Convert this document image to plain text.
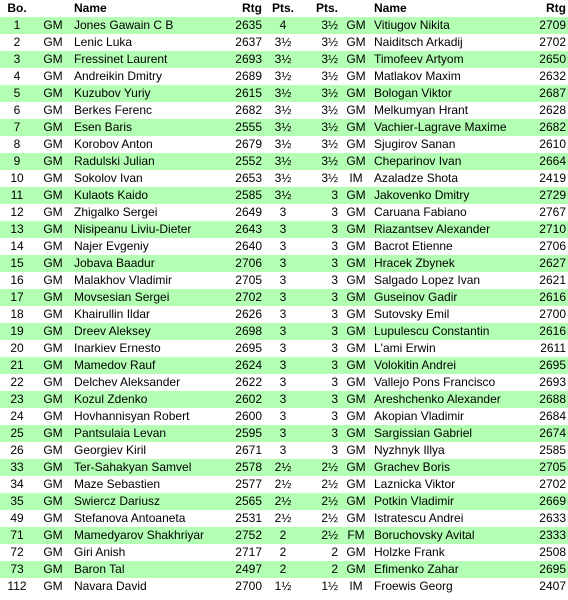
Bo.		Name	Rtg	Pts.	Pts.		Name	Rtg
1	GM	Jones Gawain C B	2635	4	3½	GM	Vitiugov Nikita	2709
2	GM	Lenic Luka	2637	3½	3½	GM	Naiditsch Arkadij	2702
3	GM	Fressinet Laurent	2693	3½	3½	GM	Timofeev Artyom	2650
4	GM	Andreikin Dmitry	2689	3½	3½	GM	Matlakov Maxim	2632
5	GM	Kuzubov Yuriy	2615	3½	3½	GM	Bologan Viktor	2687
6	GM	Berkes Ferenc	2682	3½	3½	GM	Melkumyan Hrant	2628
7	GM	Esen Baris	2555	3½	3½	GM	Vachier-Lagrave Maxime	2682
8	GM	Korobov Anton	2679	3½	3½	GM	Sjugirov Sanan	2610
9	GM	Radulski Julian	2552	3½	3½	GM	Cheparinov Ivan	2664
10	GM	Sokolov Ivan	2653	3½	3½	IM	Azaladze Shota	2419
11	GM	Kulaots Kaido	2585	3½	3	GM	Jakovenko Dmitry	2729
12	GM	Zhigalko Sergei	2649	3	3	GM	Caruana Fabiano	2767
13	GM	Nisipeanu Liviu-Dieter	2643	3	3	GM	Riazantsev Alexander	2710
14	GM	Najer Evgeniy	2640	3	3	GM	Bacrot Etienne	2706
15	GM	Jobava Baadur	2706	3	3	GM	Hracek Zbynek	2627
16	GM	Malakhov Vladimir	2705	3	3	GM	Salgado Lopez Ivan	2621
17	GM	Movsesian Sergei	2702	3	3	GM	Guseinov Gadir	2616
18	GM	Khairullin Ildar	2626	3	3	GM	Sutovsky Emil	2700
19	GM	Dreev Aleksey	2698	3	3	GM	Lupulescu Constantin	2616
20	GM	Inarkiev Ernesto	2695	3	3	GM	L'ami Erwin	2611
21	GM	Mamedov Rauf	2624	3	3	GM	Volokitin Andrei	2695
22	GM	Delchev Aleksander	2622	3	3	GM	Vallejo Pons Francisco	2693
23	GM	Kozul Zdenko	2602	3	3	GM	Areshchenko Alexander	2688
24	GM	Hovhannisyan Robert	2600	3	3	GM	Akopian Vladimir	2684
25	GM	Pantsulaia Levan	2595	3	3	GM	Sargissian Gabriel	2674
26	GM	Georgiev Kiril	2671	3	3	GM	Nyzhnyk Illya	2585
33	GM	Ter-Sahakyan Samvel	2578	2½	2½	GM	Grachev Boris	2705
34	GM	Maze Sebastien	2577	2½	2½	GM	Laznicka Viktor	2702
35	GM	Swiercz Dariusz	2565	2½	2½	GM	Potkin Vladimir	2669
49	GM	Stefanova Antoaneta	2531	2½	2½	GM	Istratescu Andrei	2633
71	GM	Mamedyarov Shakhriyar	2752	2	2½	FM	Boruchovsky Avital	2333
72	GM	Giri Anish	2717	2	2	GM	Holzke Frank	2508
73	GM	Baron Tal	2497	2	2	GM	Efimenko Zahar	2695
112	GM	Navara David	2700	1½	1½	IM	Froewis Georg	2407
